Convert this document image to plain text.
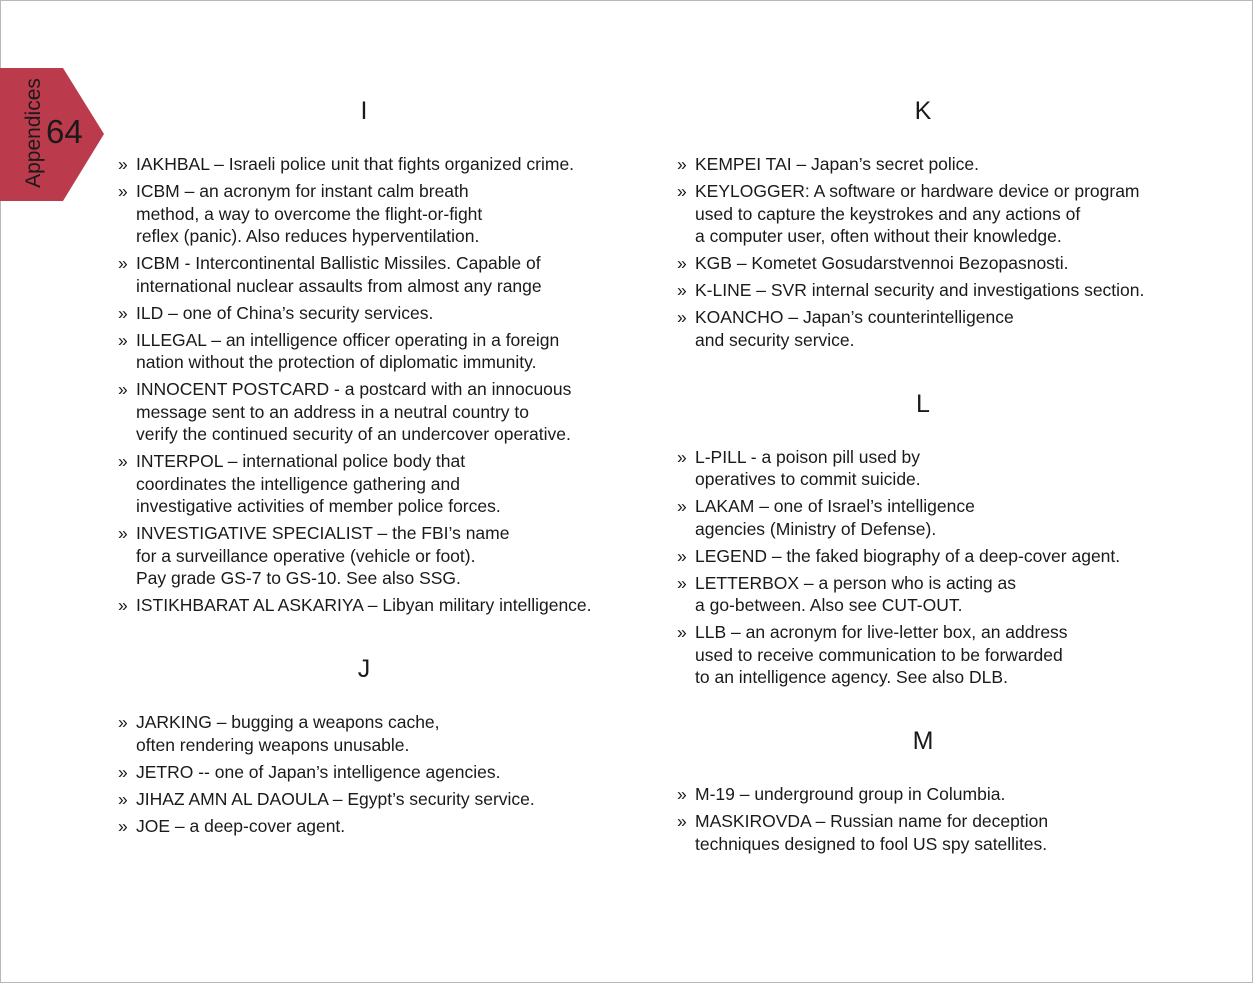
Appendices 64
I
» IAKHBAL – Israeli police unit that fights organized crime.
» ICBM – an acronym for instant calm breath
method, a way to overcome the flight-or-fight
reflex (panic). Also reduces hyperventilation.
» ICBM - Intercontinental Ballistic Missiles. Capable of
international nuclear assaults from almost any range
» ILD – one of China’s security services.
» ILLEGAL – an intelligence officer operating in a foreign
nation without the protection of diplomatic immunity.
» INNOCENT POSTCARD - a postcard with an innocuous
message sent to an address in a neutral country to
verify the continued security of an undercover operative.
» INTERPOL – international police body that
coordinates the intelligence gathering and
investigative activities of member police forces.
» INVESTIGATIVE SPECIALIST – the FBI’s name
for a surveillance operative (vehicle or foot).
Pay grade GS-7 to GS-10. See also SSG.
» ISTIKHBARAT AL ASKARIYA – Libyan military intelligence.
J
» JARKING – bugging a weapons cache,
often rendering weapons unusable.
» JETRO -- one of Japan’s intelligence agencies.
» JIHAZ AMN AL DAOULA – Egypt’s security service.
» JOE – a deep-cover agent.
K
» KEMPEI TAI – Japan’s secret police.
» KEYLOGGER: A software or hardware device or program
used to capture the keystrokes and any actions of
a computer user, often without their knowledge.
» KGB – Kometet Gosudarstvennoi Bezopasnosti.
» K-LINE – SVR internal security and investigations section.
» KOANCHO – Japan’s counterintelligence
and security service.
L
» L-PILL - a poison pill used by
operatives to commit suicide.
» LAKAM – one of Israel’s intelligence
agencies (Ministry of Defense).
» LEGEND – the faked biography of a deep-cover agent.
» LETTERBOX – a person who is acting as
a go-between. Also see CUT-OUT.
» LLB – an acronym for live-letter box, an address
used to receive communication to be forwarded
to an intelligence agency. See also DLB.
M
» M-19 – underground group in Columbia.
» MASKIROVDA – Russian name for deception
techniques designed to fool US spy satellites.
